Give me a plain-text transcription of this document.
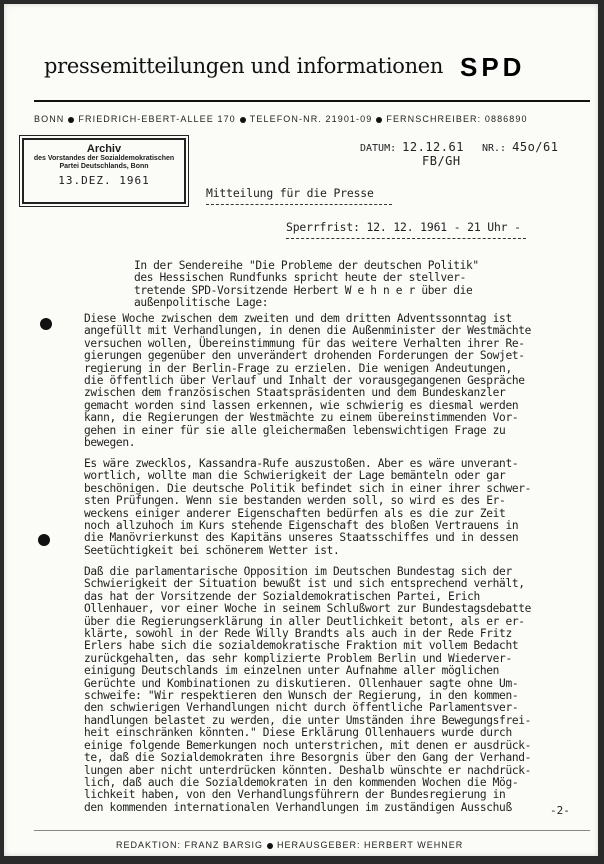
pressemitteilungen und informationen SPD
BONN FRIEDRICH-EBERT-ALLEE 170 TELEFON-NR. 21901-09 FERNSCHREIBER: 0886890
Archiv
des Vorstandes der Sozialdemokratischen
Partei Deutschlands, Bonn
13.DEZ. 1961
DATUM: 12.12.61 NR.: 45o/61
FB/GH
Mitteilung für die Presse
Sperrfrist: 12. 12. 1961 - 21 Uhr -
In der Sendereihe "Die Probleme der deutschen Politik"
des Hessischen Rundfunks spricht heute der stellver-
tretende SPD-Vorsitzende Herbert W e h n e r über die
außenpolitische Lage:
Diese Woche zwischen dem zweiten und dem dritten Adventssonntag ist
angefüllt mit Verhandlungen, in denen die Außenminister der Westmächte
versuchen wollen, Übereinstimmung für das weitere Verhalten ihrer Re-
gierungen gegenüber den unverändert drohenden Forderungen der Sowjet-
regierung in der Berlin-Frage zu erzielen. Die wenigen Andeutungen,
die öffentlich über Verlauf und Inhalt der vorausgegangenen Gespräche
zwischen dem französischen Staatspräsidenten und dem Bundeskanzler
gemacht worden sind lassen erkennen, wie schwierig es diesmal werden
kann, die Regierungen der Westmächte zu einem übereinstimmenden Vor-
gehen in einer für sie alle gleichermaßen lebenswichtigen Frage zu
bewegen.
Es wäre zwecklos, Kassandra-Rufe auszustoßen. Aber es wäre unverant-
wortlich, wollte man die Schwierigkeit der Lage bemänteln oder gar
beschönigen. Die deutsche Politik befindet sich in einer ihrer schwer-
sten Prüfungen. Wenn sie bestanden werden soll, so wird es des Er-
weckens einiger anderer Eigenschaften bedürfen als es die zur Zeit
noch allzuhoch im Kurs stehende Eigenschaft des bloßen Vertrauens in
die Manövrierkunst des Kapitäns unseres Staatsschiffes und in dessen
Seetüchtigkeit bei schönerem Wetter ist.
Daß die parlamentarische Opposition im Deutschen Bundestag sich der
Schwierigkeit der Situation bewußt ist und sich entsprechend verhält,
das hat der Vorsitzende der Sozialdemokratischen Partei, Erich
Ollenhauer, vor einer Woche in seinem Schlußwort zur Bundestagsdebatte
über die Regierungserklärung in aller Deutlichkeit betont, als er er-
klärte, sowohl in der Rede Willy Brandts als auch in der Rede Fritz
Erlers habe sich die sozialdemokratische Fraktion mit vollem Bedacht
zurückgehalten, das sehr komplizierte Problem Berlin und Wiederver-
einigung Deutschlands im einzelnen unter Aufnahme aller möglichen
Gerüchte und Kombinationen zu diskutieren. Ollenhauer sagte ohne Um-
schweife: "Wir respektieren den Wunsch der Regierung, in den kommen-
den schwierigen Verhandlungen nicht durch öffentliche Parlamentsver-
handlungen belastet zu werden, die unter Umständen ihre Bewegungsfrei-
heit einschränken könnten." Diese Erklärung Ollenhauers wurde durch
einige folgende Bemerkungen noch unterstrichen, mit denen er ausdrück-
te, daß die Sozialdemokraten ihre Besorgnis über den Gang der Verhand-
lungen aber nicht unterdrücken könnten. Deshalb wünschte er nachdrück-
lich, daß auch die Sozialdemokraten in den kommenden Wochen die Mög-
lichkeit haben, von den Verhandlungsführern der Bundesregierung in
den kommenden internationalen Verhandlungen im zuständigen Ausschuß	-2-
REDAKTION: FRANZ BARSIG HERAUSGEBER: HERBERT WEHNER
